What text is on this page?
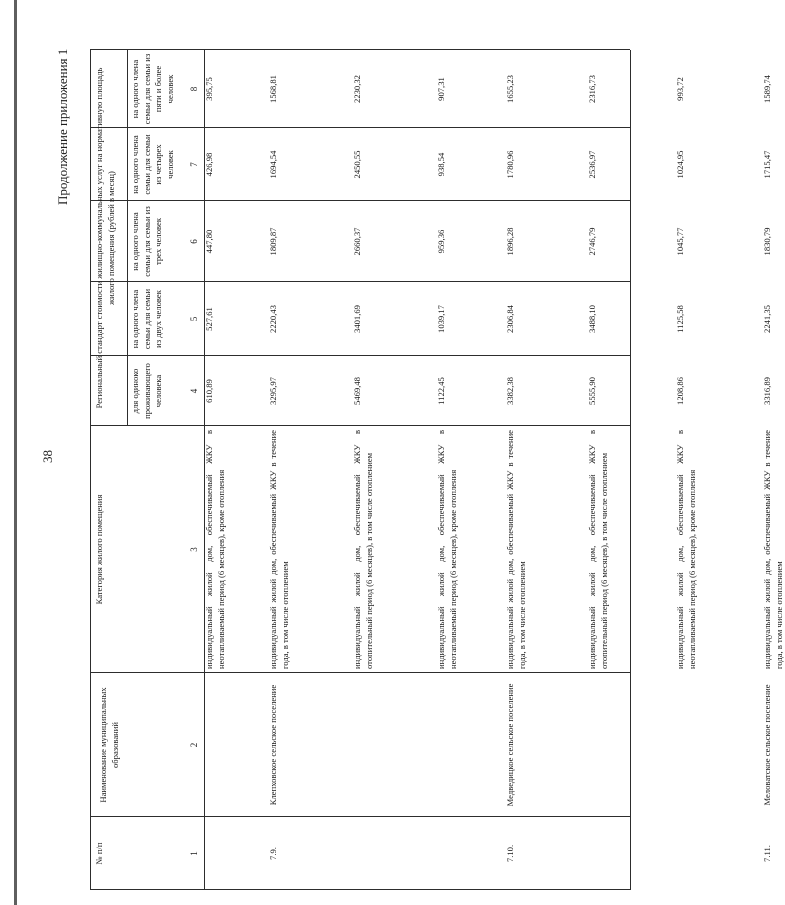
38
Продолжение приложения 1
№ п/п
Наименование муниципальных образований
Категория жилого помещения
Региональный стандарт стоимости жилищно-коммунальных услуг на нормативную площадь жилого помещения (рублей в месяц)
для одиноко проживающего человека
на одного члена семьи для семьи из двух человек
на одного члена семьи для семьи из трех человек
на одного члена семьи для семьи из четырех человек
на одного члена семьи для семьи из пяти и более человек
1
2
3
4
5
6
7
8
индивидуальный жилой дом, обеспечиваемый ЖКУ в неотапливаемый период (6 месяцев), кроме отопления
610,89
527,61
447,80
426,98
395,75
7.9.
Клепховское сельское поселение
индивидуальный жилой дом, обеспечиваемый ЖКУ в течение года, в том числе отоплением
3295,97
2220,43
1809,87
1694,54
1568,81
индивидуальный жилой дом, обеспечиваемый ЖКУ в отопительный период (6 месяцев), в том числе отоплением
5469,48
3401,69
2660,37
2450,55
2230,32
индивидуальный жилой дом, обеспечиваемый ЖКУ в неотапливаемый период (6 месяцев), кроме отопления
1122,45
1039,17
959,36
938,54
907,31
7.10.
Медведицкое сельское поселение
индивидуальный жилой дом, обеспечиваемый ЖКУ в течение года, в том числе отоплением
3382,38
2306,84
1896,28
1780,96
1655,23
индивидуальный жилой дом, обеспечиваемый ЖКУ в отопительный период (6 месяцев), в том числе отоплением
5555,90
3488,10
2746,79
2536,97
2316,73
индивидуальный жилой дом, обеспечиваемый ЖКУ в неотапливаемый период (6 месяцев), кроме отопления
1208,86
1125,58
1045,77
1024,95
993,72
7.11.
Меловатское сельское поселение
индивидуальный жилой дом, обеспечиваемый ЖКУ в течение года, в том числе отоплением
3316,89
2241,35
1830,79
1715,47
1589,74
